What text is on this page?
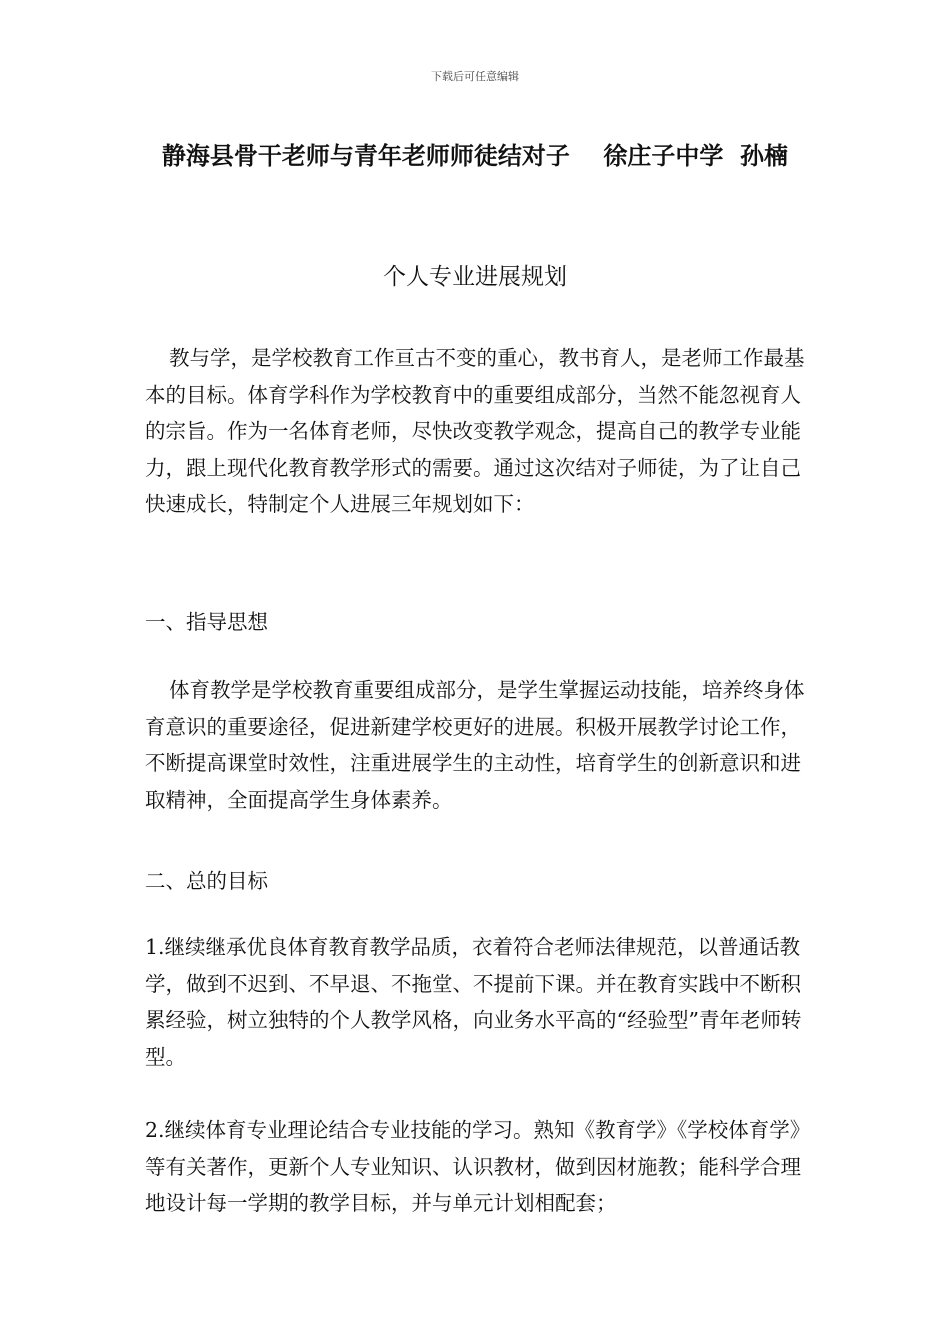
下载后可任意编辑
静海县骨干老师与青年老师师徒结对子    徐庄子中学  孙楠
个人专业进展规划

教与学，是学校教育工作亘古不变的重心，教书育人，是老师工作最基本的目标。体育学科作为学校教育中的重要组成部分，当然不能忽视育人的宗旨。作为一名体育老师，尽快改变教学观念，提高自己的教学专业能力，跟上现代化教育教学形式的需要。通过这次结对子师徒，为了让自己快速成长，特制定个人进展三年规划如下：

一、指导思想

体育教学是学校教育重要组成部分，是学生掌握运动技能，培养终身体育意识的重要途径，促进新建学校更好的进展。积极开展教学讨论工作，不断提高课堂时效性，注重进展学生的主动性，培育学生的创新意识和进取精神，全面提高学生身体素养。

二、总的目标

1.继续继承优良体育教育教学品质，衣着符合老师法律规范，以普通话教学，做到不迟到、不早退、不拖堂、不提前下课。并在教育实践中不断积累经验，树立独特的个人教学风格，向业务水平高的“经验型”青年老师转型。

2.继续体育专业理论结合专业技能的学习。熟知《教育学》《学校体育学》等有关著作，更新个人专业知识、认识教材，做到因材施教；能科学合理地设计每一学期的教学目标，并与单元计划相配套；
